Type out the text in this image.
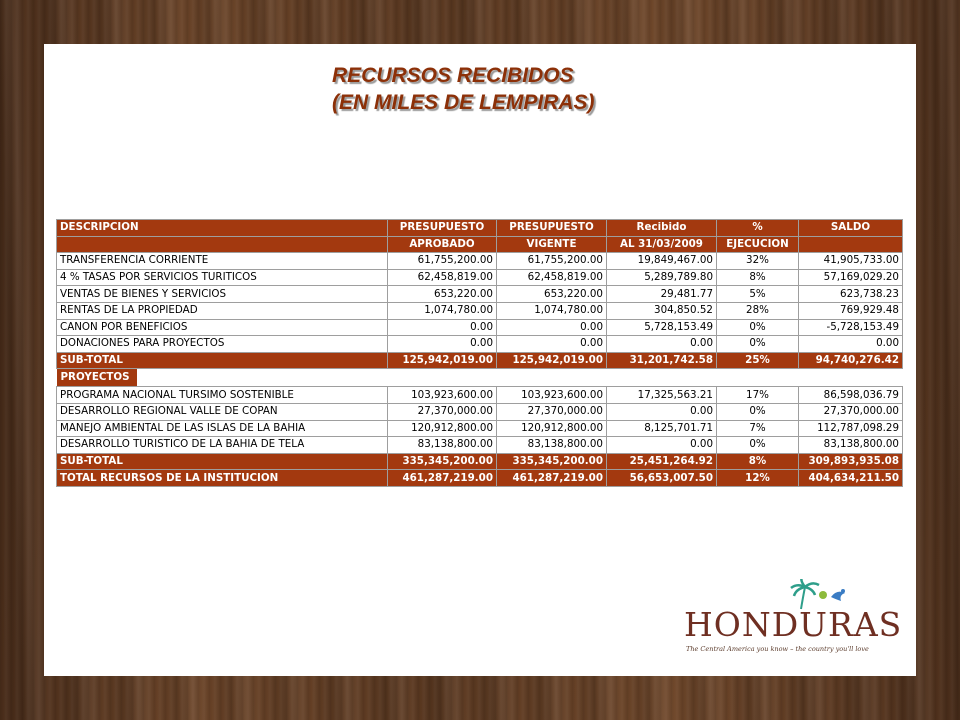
RECURSOS RECIBIDOS
(EN MILES DE LEMPIRAS)
DESCRIPCION	PRESUPUESTO	PRESUPUESTO	Recibido	%	SALDO
	APROBADO	VIGENTE	AL 31/03/2009	EJECUCION	
TRANSFERENCIA CORRIENTE	61,755,200.00	61,755,200.00	19,849,467.00	32%	41,905,733.00
4 % TASAS POR SERVICIOS TURITICOS	62,458,819.00	62,458,819.00	5,289,789.80	8%	57,169,029.20
VENTAS DE BIENES Y SERVICIOS	653,220.00	653,220.00	29,481.77	5%	623,738.23
RENTAS DE LA PROPIEDAD	1,074,780.00	1,074,780.00	304,850.52	28%	769,929.48
CANON POR BENEFICIOS	0.00	0.00	5,728,153.49	0%	-5,728,153.49
DONACIONES PARA PROYECTOS	0.00	0.00	0.00	0%	0.00
SUB-TOTAL	125,942,019.00	125,942,019.00	31,201,742.58	25%	94,740,276.42
PROYECTOS					
PROGRAMA NACIONAL TURSIMO SOSTENIBLE	103,923,600.00	103,923,600.00	17,325,563.21	17%	86,598,036.79
DESARROLLO REGIONAL VALLE DE COPAN	27,370,000.00	27,370,000.00	0.00	0%	27,370,000.00
MANEJO AMBIENTAL DE LAS ISLAS DE LA BAHIA	120,912,800.00	120,912,800.00	8,125,701.71	7%	112,787,098.29
DESARROLLO TURISTICO DE LA BAHIA DE TELA	83,138,800.00	83,138,800.00	0.00	0%	83,138,800.00
SUB-TOTAL	335,345,200.00	335,345,200.00	25,451,264.92	8%	309,893,935.08
TOTAL RECURSOS DE LA INSTITUCION	461,287,219.00	461,287,219.00	56,653,007.50	12%	404,634,211.50
HONDURAS
The Central America you know – the country you'll love
